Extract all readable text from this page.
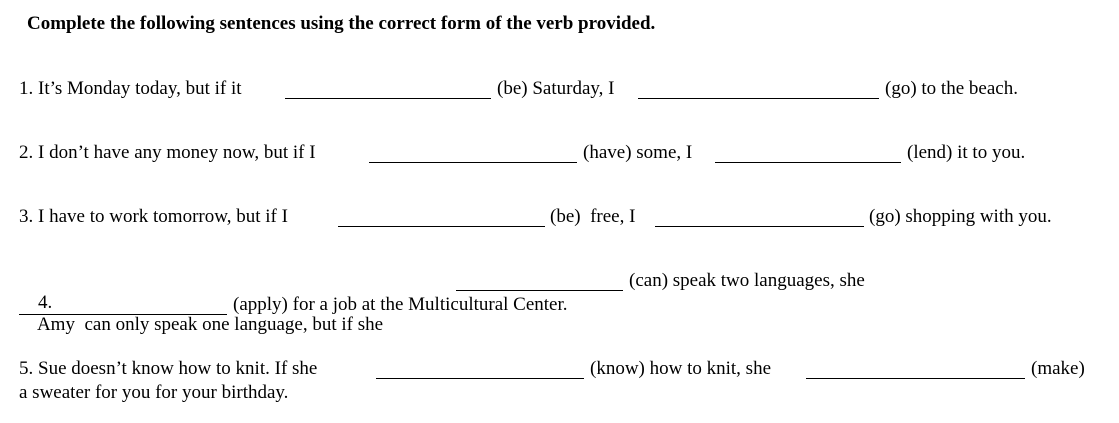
Complete the following sentences using the correct form of the verb provided.
1. It’s Monday today, but if it	(be) Saturday, I	(go) to the beach.
2. I don’t have any money now, but if I	(have) some, I	(lend) it to you.
3. I have to work tomorrow, but if I	(be)  free, I	(go) shopping with you.

4.
Amy  can only speak one language, but if she

(can) speak two languages, she
(apply) for a job at the Multicultural Center.
5. Sue doesn’t know how to knit. If she	(know) how to knit, she	(make)
a sweater for you for your birthday.
